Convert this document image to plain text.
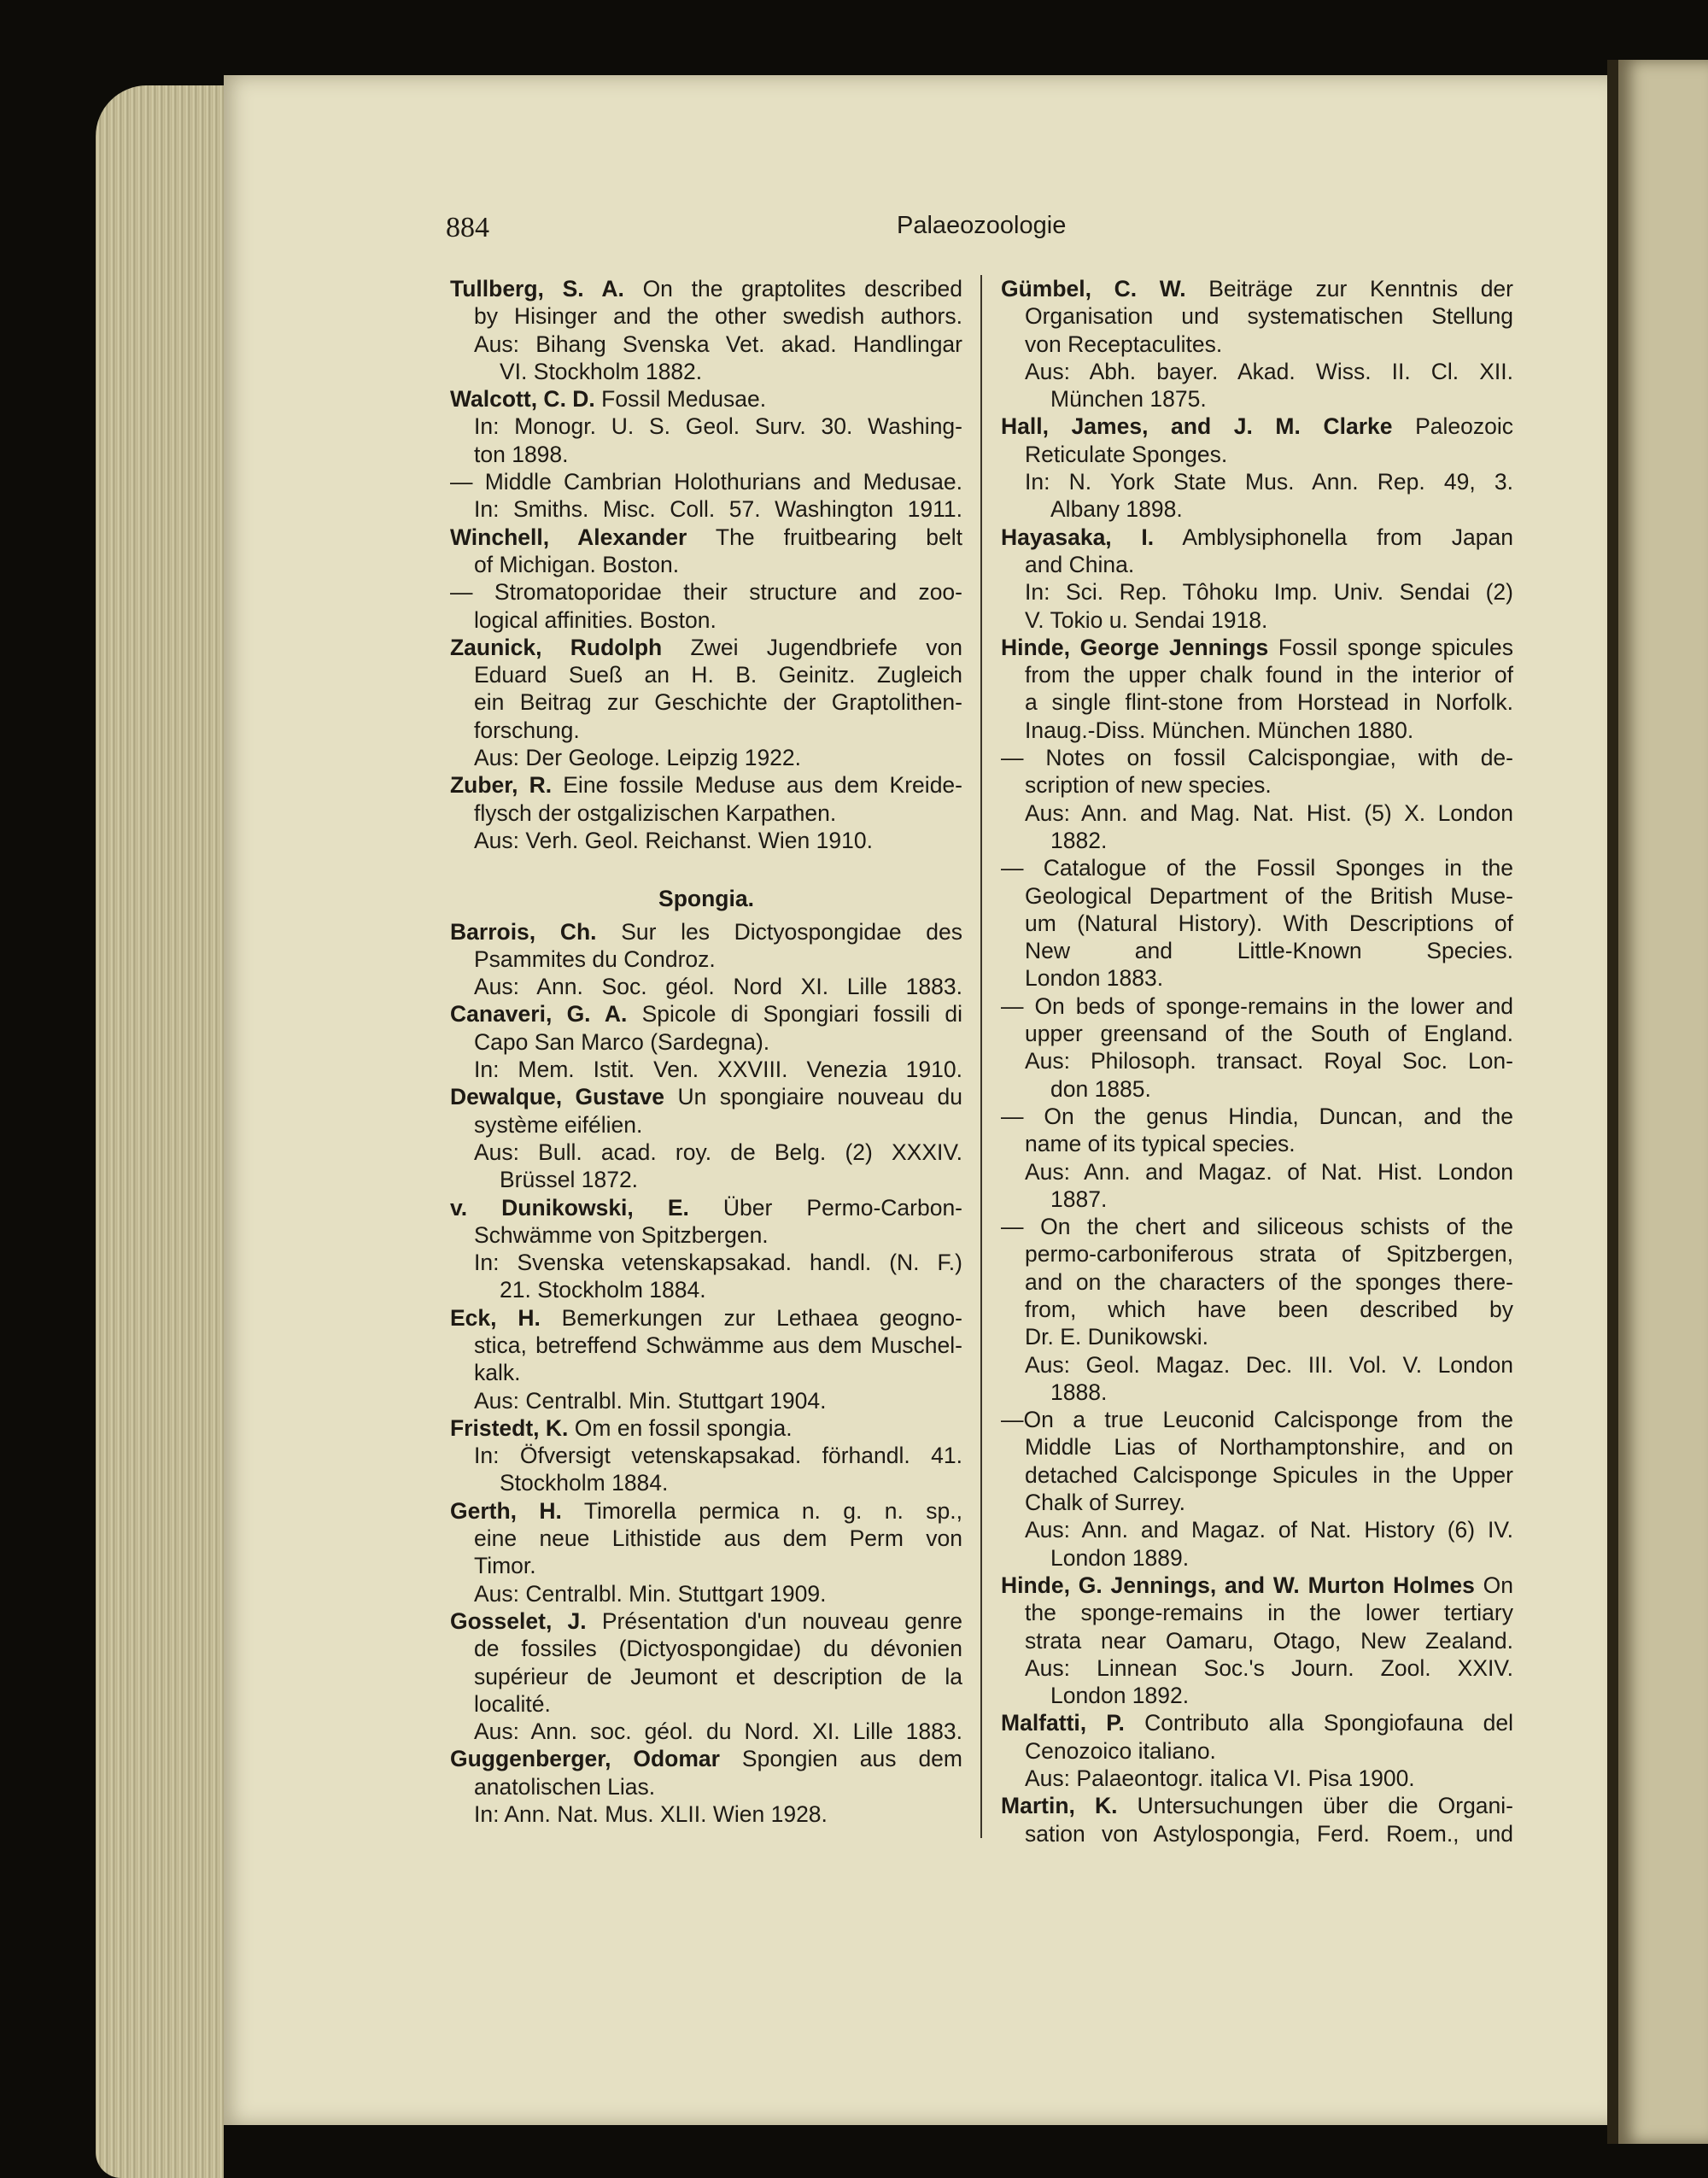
884	Palaeozoologie
Tullberg, S. A. On the graptolites described
by Hisinger and the other swedish authors.
Aus: Bihang Svenska Vet. akad. Handlingar
VI. Stockholm 1882.
Walcott, C. D. Fossil Medusae.
In: Monogr. U. S. Geol. Surv. 30. Washing-
ton 1898.
— Middle Cambrian Holothurians and Medusae.
In: Smiths. Misc. Coll. 57. Washington 1911.
Winchell, Alexander The fruitbearing belt
of Michigan. Boston.
— Stromatoporidae their structure and zoo-
logical affinities. Boston.
Zaunick, Rudolph Zwei Jugendbriefe von
Eduard Sueß an H. B. Geinitz. Zugleich
ein Beitrag zur Geschichte der Graptolithen-
forschung.
Aus: Der Geologe. Leipzig 1922.
Zuber, R. Eine fossile Meduse aus dem Kreide-
flysch der ostgalizischen Karpathen.
Aus: Verh. Geol. Reichanst. Wien 1910.
Spongia.
Barrois, Ch. Sur les Dictyospongidae des
Psammites du Condroz.
Aus: Ann. Soc. géol. Nord XI. Lille 1883.
Canaveri, G. A. Spicole di Spongiari fossili di
Capo San Marco (Sardegna).
In: Mem. Istit. Ven. XXVIII. Venezia 1910.
Dewalque, Gustave Un spongiaire nouveau du
système eifélien.
Aus: Bull. acad. roy. de Belg. (2) XXXIV.
Brüssel 1872.
v. Dunikowski, E. Über Permo-Carbon-
Schwämme von Spitzbergen.
In: Svenska vetenskapsakad. handl. (N. F.)
21. Stockholm 1884.
Eck, H. Bemerkungen zur Lethaea geogno-
stica, betreffend Schwämme aus dem Muschel-
kalk.
Aus: Centralbl. Min. Stuttgart 1904.
Fristedt, K. Om en fossil spongia.
In: Öfversigt vetenskapsakad. förhandl. 41.
Stockholm 1884.
Gerth, H. Timorella permica n. g. n. sp.,
eine neue Lithistide aus dem Perm von
Timor.
Aus: Centralbl. Min. Stuttgart 1909.
Gosselet, J. Présentation d'un nouveau genre
de fossiles (Dictyospongidae) du dévonien
supérieur de Jeumont et description de la
localité.
Aus: Ann. soc. géol. du Nord. XI. Lille 1883.
Guggenberger, Odomar Spongien aus dem
anatolischen Lias.
In: Ann. Nat. Mus. XLII. Wien 1928.
Gümbel, C. W. Beiträge zur Kenntnis der
Organisation und systematischen Stellung
von Receptaculites.
Aus: Abh. bayer. Akad. Wiss. II. Cl. XII.
München 1875.
Hall, James, and J. M. Clarke Paleozoic
Reticulate Sponges.
In: N. York State Mus. Ann. Rep. 49, 3.
Albany 1898.
Hayasaka, I. Amblysiphonella from Japan
and China.
In: Sci. Rep. Tôhoku Imp. Univ. Sendai (2)
V. Tokio u. Sendai 1918.
Hinde, George Jennings Fossil sponge spicules
from the upper chalk found in the interior of
a single flint-stone from Horstead in Norfolk.
Inaug.-Diss. München. München 1880.
— Notes on fossil Calcispongiae, with de-
scription of new species.
Aus: Ann. and Mag. Nat. Hist. (5) X. London
1882.
— Catalogue of the Fossil Sponges in the
Geological Department of the British Muse-
um (Natural History). With Descriptions of
New and Little-Known Species.
London 1883.
— On beds of sponge-remains in the lower and
upper greensand of the South of England.
Aus: Philosoph. transact. Royal Soc. Lon-
don 1885.
— On the genus Hindia, Duncan, and the
name of its typical species.
Aus: Ann. and Magaz. of Nat. Hist. London
1887.
— On the chert and siliceous schists of the
permo-carboniferous strata of Spitzbergen,
and on the characters of the sponges there-
from, which have been described by
Dr. E. Dunikowski.
Aus: Geol. Magaz. Dec. III. Vol. V. London
1888.
—On a true Leuconid Calcisponge from the
Middle Lias of Northamptonshire, and on
detached Calcisponge Spicules in the Upper
Chalk of Surrey.
Aus: Ann. and Magaz. of Nat. History (6) IV.
London 1889.
Hinde, G. Jennings, and W. Murton Holmes On
the sponge-remains in the lower tertiary
strata near Oamaru, Otago, New Zealand.
Aus: Linnean Soc.'s Journ. Zool. XXIV.
London 1892.
Malfatti, P. Contributo alla Spongiofauna del
Cenozoico italiano.
Aus: Palaeontogr. italica VI. Pisa 1900.
Martin, K. Untersuchungen über die Organi-
sation von Astylospongia, Ferd. Roem., und
